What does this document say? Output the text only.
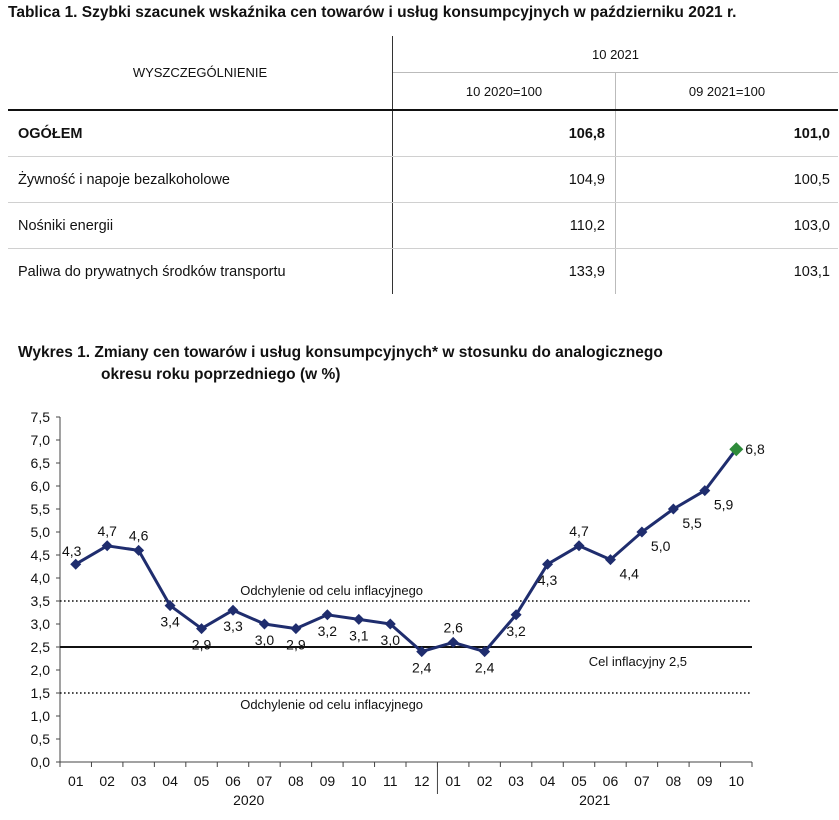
Tablica 1. Szybki szacunek wskaźnika cen towarów i usług konsumpcyjnych w październiku 2021 r.
WYSZCZEGÓLNIENIE	10 2021	
	10 2020=100	09 2021=100
OGÓŁEM	106,8	101,0
Żywność i napoje bezalkoholowe	104,9	100,5
Nośniki energii	110,2	103,0
Paliwa do prywatnych środków transportu	133,9	103,1
Wykres 1. Zmiany cen towarów i usług konsumpcyjnych* w stosunku do analogicznego
okresu roku poprzedniego (w %)
0,0
0,5
1,0
1,5
2,0
2,5
3,0
3,5
4,0
4,5
5,0
5,5
6,0
6,5
7,0
7,5
01 02 03 04 05 06 07 08 09 10 11 12 01 02 03 04 05 06 07 08 09 10
2020	2021
Odchylenie od celu inflacyjnego
Cel inflacyjny 2,5
Odchylenie od celu inflacyjnego
4,3
4,7 4,6
3,4
2,9
3,3
3,0 2,9
3,2 3,1 3,0
2,4
2,6
2,4
3,2
4,3
4,7
4,4
5,0
5,5
5,9
6,8
